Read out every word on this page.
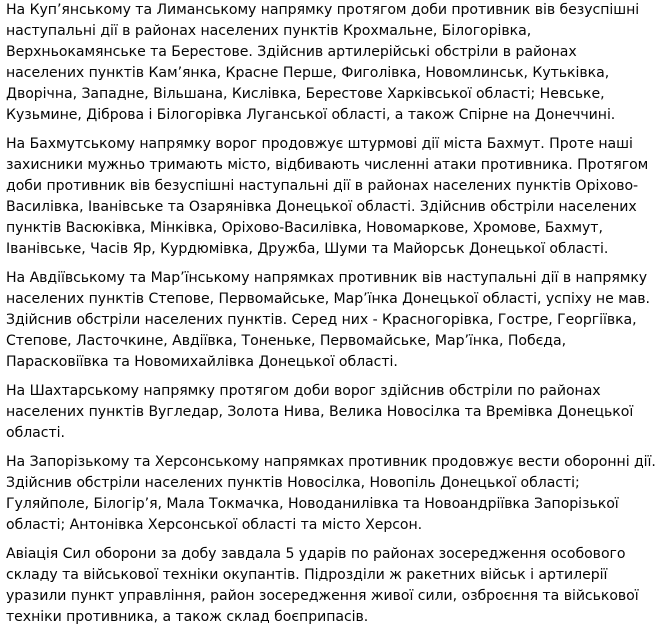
На Куп’янському та Лиманському напрямку протягом доби противник вів безуспішні наступальні дії в районах населених пунктів Крохмальне, Білогорівка, Верхньокамянське та Берестове. Здійснив артилерійські обстріли в районах населених пунктів Кам’янка, Красне Перше, Фиголівка, Новомлинськ, Кутьківка, Дворічна, Западне, Вільшана, Кислівка, Берестове Харківської області; Невське, Кузьмине, Діброва і Білогорівка Луганської області, а також Спірне на Донеччині.

На Бахмутському напрямку ворог продовжує штурмові дії міста Бахмут. Проте наші захисники мужньо тримають місто, відбивають численні атаки противника. Протягом доби противник вів безуспішні наступальні дії в районах населених пунктів Оріхово-Василівка, Іванівське та Озарянівка Донецької області. Здійснив обстріли населених пунктів Васюківка, Мінківка, Оріхово-Василівка, Новомаркове, Хромове, Бахмут, Іванівське, Часів Яр, Курдюмівка, Дружба, Шуми та Майорськ Донецької області.

На Авдіївському та Мар’їнському напрямках противник вів наступальні дії в напрямку населених пунктів Степове, Первомайське, Мар’їнка Донецької області, успіху не мав. Здійснив обстріли населених пунктів. Серед них - Красногорівка, Гостре, Георгіївка, Степове, Ласточкине, Авдіївка, Тоненьке, Первомайське, Мар’їнка, Побєда, Парасковіївка та Новомихайлівка Донецької області.

На Шахтарському напрямку протягом доби ворог здійснив обстріли по районах населених пунктів Вугледар, Золота Нива, Велика Новосілка та Времівка Донецької області.

На Запорізькому та Херсонському напрямках противник продовжує вести оборонні дії. Здійснив обстріли населених пунктів Новосілка, Новопіль Донецької області; Гуляйполе, Білогір’я, Мала Токмачка, Новоданилівка та Новоандріївка Запорізької області; Антонівка Херсонської області та місто Херсон.

Авіація Сил оборони за добу завдала 5 ударів по районах зосередження особового складу та військової техніки окупантів. Підрозділи ж ракетних військ і артилерії уразили пункт управління, район зосередження живої сили, озброєння та військової техніки противника, а також склад боєприпасів.
